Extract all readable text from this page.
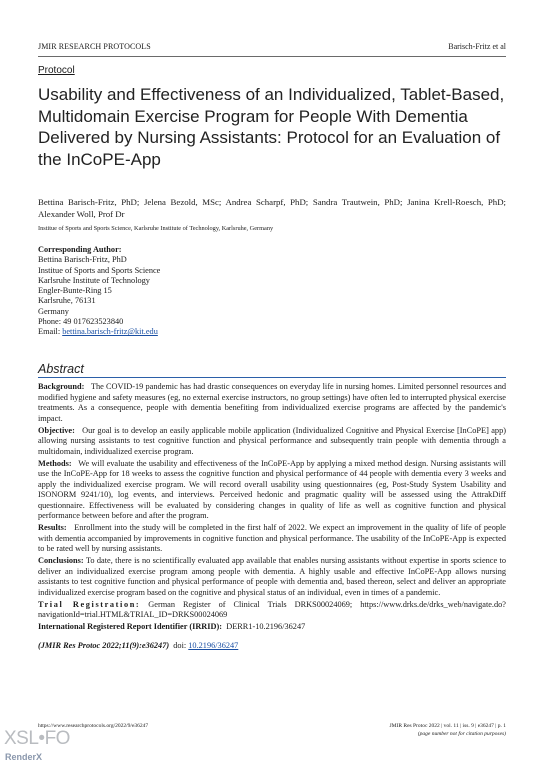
JMIR RESEARCH PROTOCOLS	Barisch-Fritz et al
Protocol
Usability and Effectiveness of an Individualized, Tablet-Based, Multidomain Exercise Program for People With Dementia Delivered by Nursing Assistants: Protocol for an Evaluation of the InCoPE-App
Bettina Barisch-Fritz, PhD; Jelena Bezold, MSc; Andrea Scharpf, PhD; Sandra Trautwein, PhD; Janina Krell-Roesch, PhD; Alexander Woll, Prof Dr
Institue of Sports and Sports Science, Karlsruhe Institute of Technology, Karlsruhe, Germany
Corresponding Author:
Bettina Barisch-Fritz, PhD
Institue of Sports and Sports Science
Karlsruhe Institute of Technology
Engler-Bunte-Ring 15
Karlsruhe, 76131
Germany
Phone: 49 017623523840
Email: bettina.barisch-fritz@kit.edu
Abstract

Background: The COVID-19 pandemic has had drastic consequences on everyday life in nursing homes. Limited personnel resources and modified hygiene and safety measures (eg, no external exercise instructors, no group settings) have often led to interrupted physical exercise treatments. As a consequence, people with dementia benefiting from individualized exercise programs are affected by the pandemic's impact.

Objective: Our goal is to develop an easily applicable mobile application (Individualized Cognitive and Physical Exercise [InCoPE] app) allowing nursing assistants to test cognitive function and physical performance and subsequently train people with dementia through a multidomain, individualized exercise program.

Methods: We will evaluate the usability and effectiveness of the InCoPE-App by applying a mixed method design. Nursing assistants will use the InCoPE-App for 18 weeks to assess the cognitive function and physical performance of 44 people with dementia every 3 weeks and apply the individualized exercise program. We will record overall usability using questionnaires (eg, Post-Study System Usability and ISONORM 9241/10), log events, and interviews. Perceived hedonic and pragmatic quality will be assessed using the AttrakDiff questionnaire. Effectiveness will be evaluated by considering changes in quality of life as well as cognitive function and physical performance between before and after the program.

Results: Enrollment into the study will be completed in the first half of 2022. We expect an improvement in the quality of life of people with dementia accompanied by improvements in cognitive function and physical performance. The usability of the InCoPE-App is expected to be rated well by nursing assistants.

Conclusions: To date, there is no scientifically evaluated app available that enables nursing assistants without expertise in sports science to deliver an individualized exercise program among people with dementia. A highly usable and effective InCoPE-App allows nursing assistants to test cognitive function and physical performance of people with dementia and, based thereon, select and deliver an appropriate individualized exercise program based on the cognitive and physical status of an individual, even in times of a pandemic.

Trial Registration: German Register of Clinical Trials DRKS00024069; https://www.drks.de/drks_web/navigate.do?navigationId=trial.HTML&TRIAL_ID=DRKS00024069

International Registered Report Identifier (IRRID): DERR1-10.2196/36247

(JMIR Res Protoc 2022;11(9):e36247) doi: 10.2196/36247

https://www.researchprotocols.org/2022/9/e36247	JMIR Res Protoc 2022 | vol. 11 | iss. 9 | e36247 | p. 1
(page number not for citation purposes)
XSL•FO
RenderX
